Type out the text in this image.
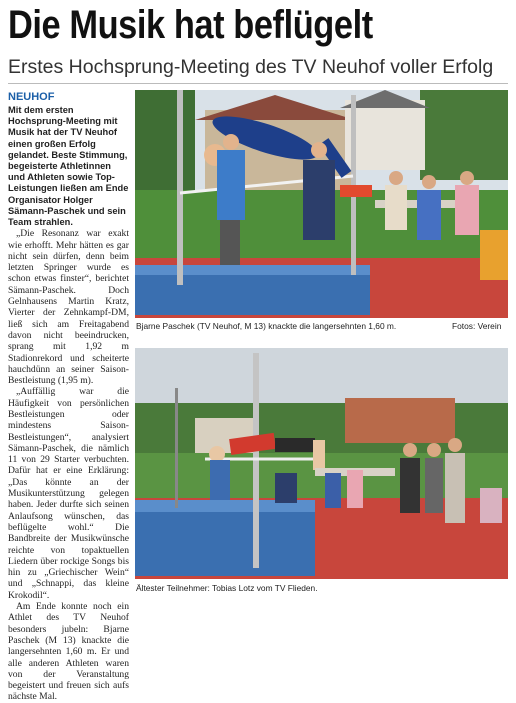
Die Musik hat beflügelt
Erstes Hochsprung-Meeting des TV Neuhof voller Erfolg
NEUHOF

Mit dem ersten Hochsprung-Meeting mit Musik hat der TV Neuhof einen großen Erfolg gelandet. Beste Stimmung, begeisterte Athletinnen und Athleten sowie Top-Leistungen ließen am Ende Organisator Holger Sämann-Paschek und sein Team strahlen.

„Die Resonanz war exakt wie erhofft. Mehr hätten es gar nicht sein dürfen, denn beim letzten Springer wurde es schon etwas finster“, berichtet Sämann-Paschek. Doch Gelnhausens Martin Kratz, Vierter der Zehnkampf-DM, ließ sich am Freitagabend davon nicht beeindrucken, sprang mit 1,92 m Stadionrekord und scheiterte hauchdünn an seiner Saison-Bestleistung (1,95 m).

„Auffällig war die Häufigkeit von persönlichen Bestleistungen oder mindestens Saison-Bestleistungen“, analysiert Sämann-Paschek, die nämlich 11 von 29 Starter verbuchten. Dafür hat er eine Erklärung: „Das könnte an der Musikunterstützung gelegen haben. Jeder durfte sich seinen Anlaufsong wünschen, das beflügelte wohl.“ Die Bandbreite der Musikwünsche reichte von topaktuellen Liedern über rockige Songs bis hin zu „Griechischer Wein“ und „Schnappi, das kleine Krokodil“.

Am Ende konnte noch ein Athlet des TV Neuhof besonders jubeln: Bjarne Paschek (M 13) knackte die langersehnten 1,60 m. Er und alle anderen Athleten waren von der Veranstaltung begeistert und freuen sich aufs nächste Mal.

Bjarne Paschek (TV Neuhof, M 13) knackte die langersehnten 1,60 m.	Fotos: Verein
Ältester Teilnehmer: Tobias Lotz vom TV Flieden.
